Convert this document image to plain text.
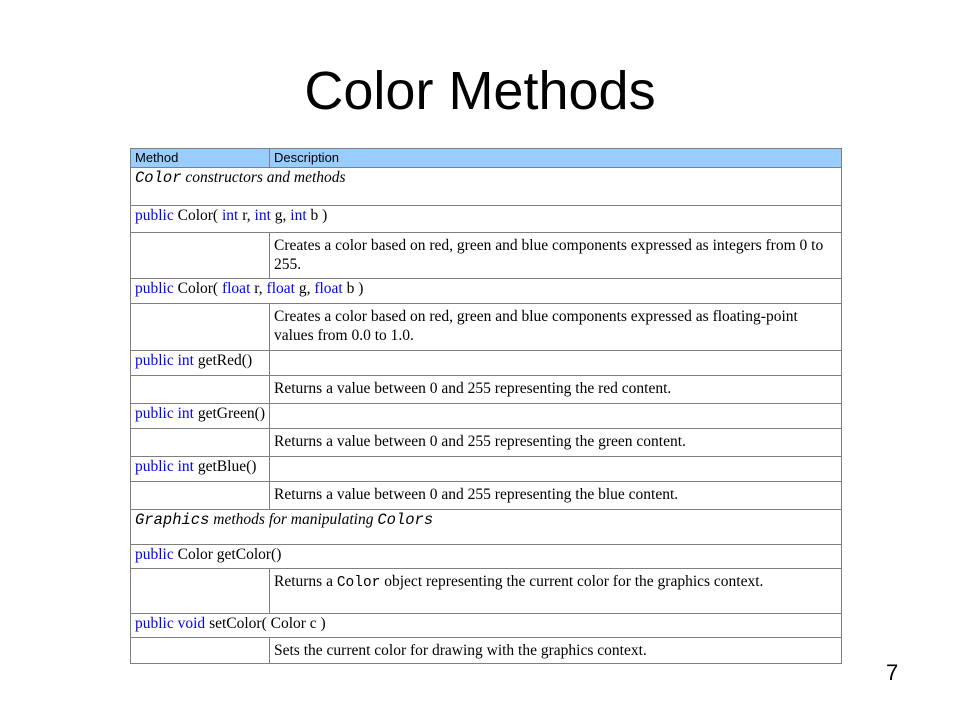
Color Methods
Method	Description
Color constructors and methods	
public Color( int r, int g, int b )	
	Creates a color based on red, green and blue components expressed as integers from 0 to 255.
public Color( float r, float g, float b )	
	Creates a color based on red, green and blue components expressed as floating-point values from 0.0 to 1.0.
public int getRed()	
	Returns a value between 0 and 255 representing the red content.
public int getGreen()	
	Returns a value between 0 and 255 representing the green content.
public int getBlue()	
	Returns a value between 0 and 255 representing the blue content.
Graphics methods for manipulating Colors	
public Color getColor()	
	Returns a Color object representing the current color for the graphics context.
public void setColor( Color c )	
	Sets the current color for drawing with the graphics context.
7
